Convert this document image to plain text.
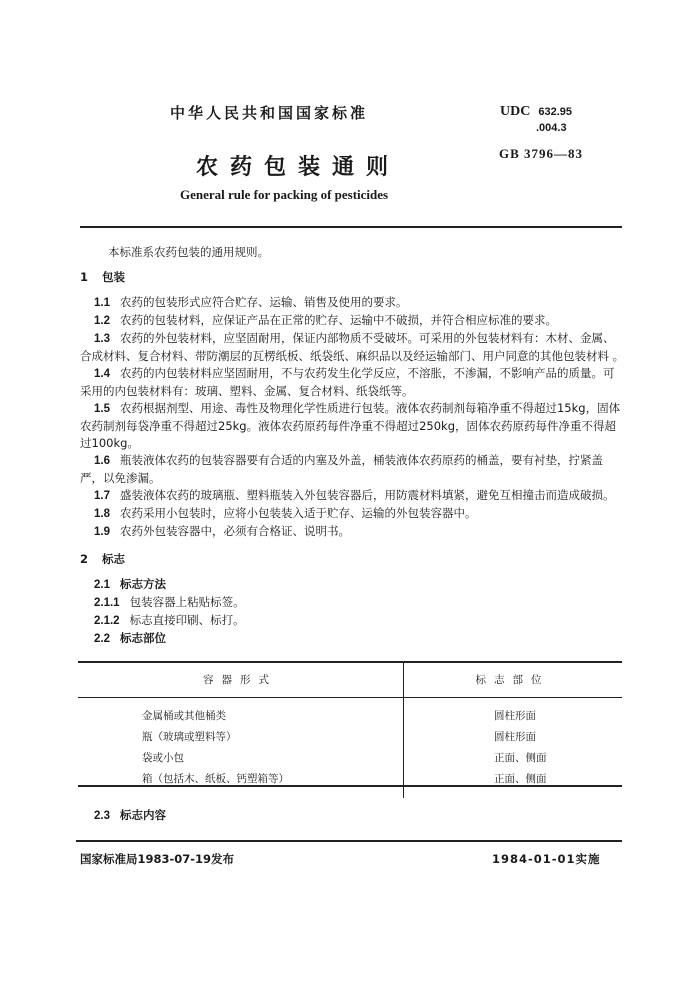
中华人民共和国国家标准	UDC 632.95
.004.3
GB 3796—83
农药包装通则
General rule for packing of pesticides

本标准系农药包装的通用规则。

1 包装

1.1 农药的包装形式应符合贮存、运输、销售及使用的要求。

1.2 农药的包装材料，应保证产品在正常的贮存、运输中不破损，并符合相应标准的要求。

1.3 农药的外包装材料，应坚固耐用，保证内部物质不受破坏。可采用的外包装材料有：木材、金属、合成材料、复合材料、带防潮层的瓦楞纸板、纸袋纸、麻织品以及经运输部门、用户同意的其他包装材料 。

1.4 农药的内包装材料应坚固耐用，不与农药发生化学反应，不溶胀，不渗漏，不影响产品的质量。可采用的内包装材料有：玻璃、塑料、金属、复合材料、纸袋纸等。

1.5 农药根据剂型、用途、毒性及物理化学性质进行包装。液体农药制剂每箱净重不得超过15kg，固体农药制剂每袋净重不得超过25kg。液体农药原药每件净重不得超过250kg，固体农药原药每件净重不得超过100kg。

1.6 瓶装液体农药的包装容器要有合适的内塞及外盖，桶装液体农药原药的桶盖，要有衬垫，拧紧盖严，以免渗漏。

1.7 盛装液体农药的玻璃瓶、塑料瓶装入外包装容器后，用防震材料填紧，避免互相撞击而造成破损。

1.8 农药采用小包装时，应将小包装装入适于贮存、运输的外包装容器中。

1.9 农药外包装容器中，必须有合格证、说明书。

2 标志

2.1 标志方法

2.1.1 包装容器上粘贴标签。

2.1.2 标志直接印刷、标打。

2.2 标志部位

容器形式	标志部位
金属桶或其他桶类	圆柱形面
瓶（玻璃或塑料等）	圆柱形面
袋或小包	正面、侧面
箱（包括木、纸板、钙塑箱等）	正面、侧面
2.3 标志内容
国家标准局1983-07-19发布	1984-01-01实施
